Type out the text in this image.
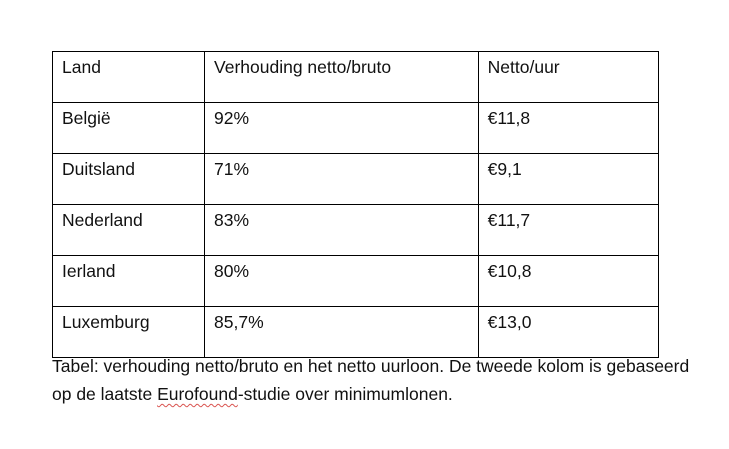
Land	Verhouding netto/bruto	Netto/uur
België	92%	€11,8
Duitsland	71%	€9,1
Nederland	83%	€11,7
Ierland	80%	€10,8
Luxemburg	85,7%	€13,0

Tabel: verhouding netto/bruto en het netto uurloon. De tweede kolom is gebaseerd op de laatste Eurofound-studie over minimumlonen.
